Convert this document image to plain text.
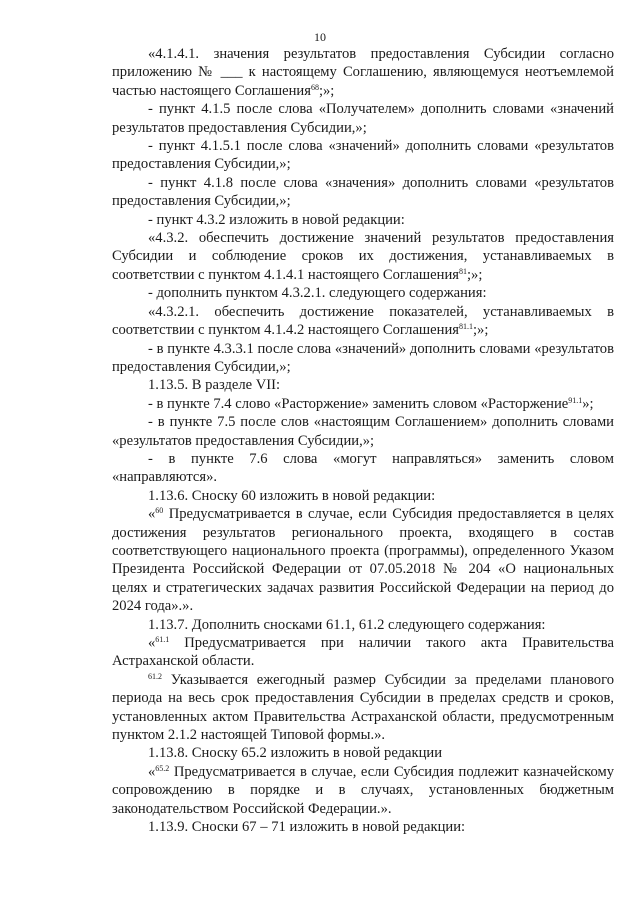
10

«4.1.4.1. значения результатов предоставления Субсидии согласно приложению № ___ к настоящему Соглашению, являющемуся неотъемлемой частью настоящего Соглашения$^{68}$;»;

- пункт 4.1.5 после слова «Получателем» дополнить словами «значений результатов предоставления Субсидии,»;

- пункт 4.1.5.1 после слова «значений» дополнить словами «результатов предоставления Субсидии,»;

- пункт 4.1.8 после слова «значения» дополнить словами «результатов предоставления Субсидии,»;

- пункт 4.3.2 изложить в новой редакции:

«4.3.2. обеспечить достижение значений результатов предоставления Субсидии и соблюдение сроков их достижения, устанавливаемых в соответствии с пунктом 4.1.4.1 настоящего Соглашения$^{81}$;»;

- дополнить пунктом 4.3.2.1. следующего содержания:

«4.3.2.1. обеспечить достижение показателей, устанавливаемых в соответствии с пунктом 4.1.4.2 настоящего Соглашения$^{81.1}$;»;

- в пункте 4.3.3.1 после слова «значений» дополнить словами «результатов предоставления Субсидии,»;

1.13.5. В разделе VII:

- в пункте 7.4 слово «Расторжение» заменить словом «Расторжение$^{91.1}$»;

- в пункте 7.5 после слов «настоящим Соглашением» дополнить словами «результатов предоставления Субсидии,»;

- в пункте 7.6 слова «могут направляться» заменить словом «направляются».

1.13.6. Сноску 60 изложить в новой редакции:

«$^{60}$ Предусматривается в случае, если Субсидия предоставляется в целях достижения результатов регионального проекта, входящего в состав соответствующего национального проекта (программы), определенного Указом Президента Российской Федерации от 07.05.2018 № 204 «О национальных целях и стратегических задачах развития Российской Федерации на период до 2024 года».».

1.13.7. Дополнить сносками 61.1, 61.2 следующего содержания:

«$^{61.1}$ Предусматривается при наличии такого акта Правительства Астраханской области.

$^{61.2}$ Указывается ежегодный размер Субсидии за пределами планового периода на весь срок предоставления Субсидии в пределах средств и сроков, установленных актом Правительства Астраханской области, предусмотренным пунктом 2.1.2 настоящей Типовой формы.».

1.13.8. Сноску 65.2 изложить в новой редакции

«$^{65.2}$ Предусматривается в случае, если Субсидия подлежит казначейскому сопровождению в порядке и в случаях, установленных бюджетным законодательством Российской Федерации.».

1.13.9. Сноски 67 – 71 изложить в новой редакции:
